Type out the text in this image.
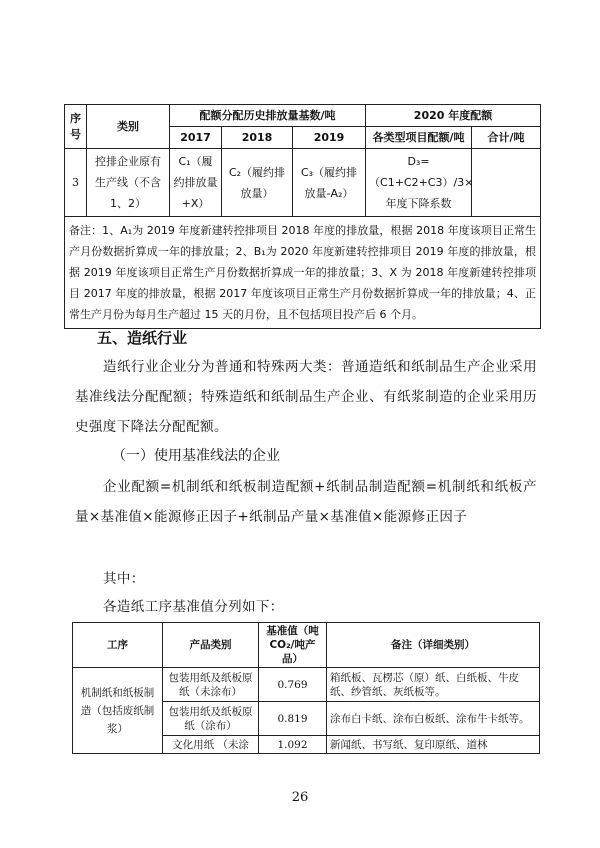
序号	类别	配额分配历史排放量基数/吨			2020 年度配额	
		2017	2018	2019	各类型项目配额/吨	合计/吨
3	控排企业原有生产线（不含 1、2）	C₁（履约排放量+X）	C₂（履约排放量）	C₃（履约排放量-A₂）	D₃=（C1+C2+C3）/3×年度下降系数	
备注：1、A₁为 2019 年度新建转控排项目 2018 年度的排放量，根据 2018 年度该项目正常生产月份数据折算成一年的排放量；2、B₁为 2020 年度新建转控排项目 2019 年度的排放量，根据 2019 年度该项目正常生产月份数据折算成一年的排放量；3、X 为 2018 年度新建转控排项目 2017 年度的排放量，根据 2017 年度该项目正常生产月份数据折算成一年的排放量；4、正常生产月份为每月生产超过 15 天的月份，且不包括项目投产后 6 个月。						
五、造纸行业
造纸行业企业分为普通和特殊两大类：普通造纸和纸制品生产企业采用基准线法分配配额；特殊造纸和纸制品生产企业、有纸浆制造的企业采用历史强度下降法分配配额。
（一）使用基准线法的企业
企业配额=机制纸和纸板制造配额+纸制品制造配额=机制纸和纸板产量×基准值×能源修正因子+纸制品产量×基准值×能源修正因子
其中：
各造纸工序基准值分列如下：
工序	产品类别	基准值（吨CO₂/吨产品）	备注（详细类别）
机制纸和纸板制造（包括废纸制浆）	包装用纸及纸板原纸（未涂布）	0.769	箱纸板、瓦楞芯（原）纸、白纸板、牛皮纸、纱管纸、灰纸板等。
	包装用纸及纸板原纸（涂布）	0.819	涂布白卡纸、涂布白板纸、涂布牛卡纸等。
	文化用纸 （未涂	1.092	新闻纸、书写纸、复印原纸、道林
26
